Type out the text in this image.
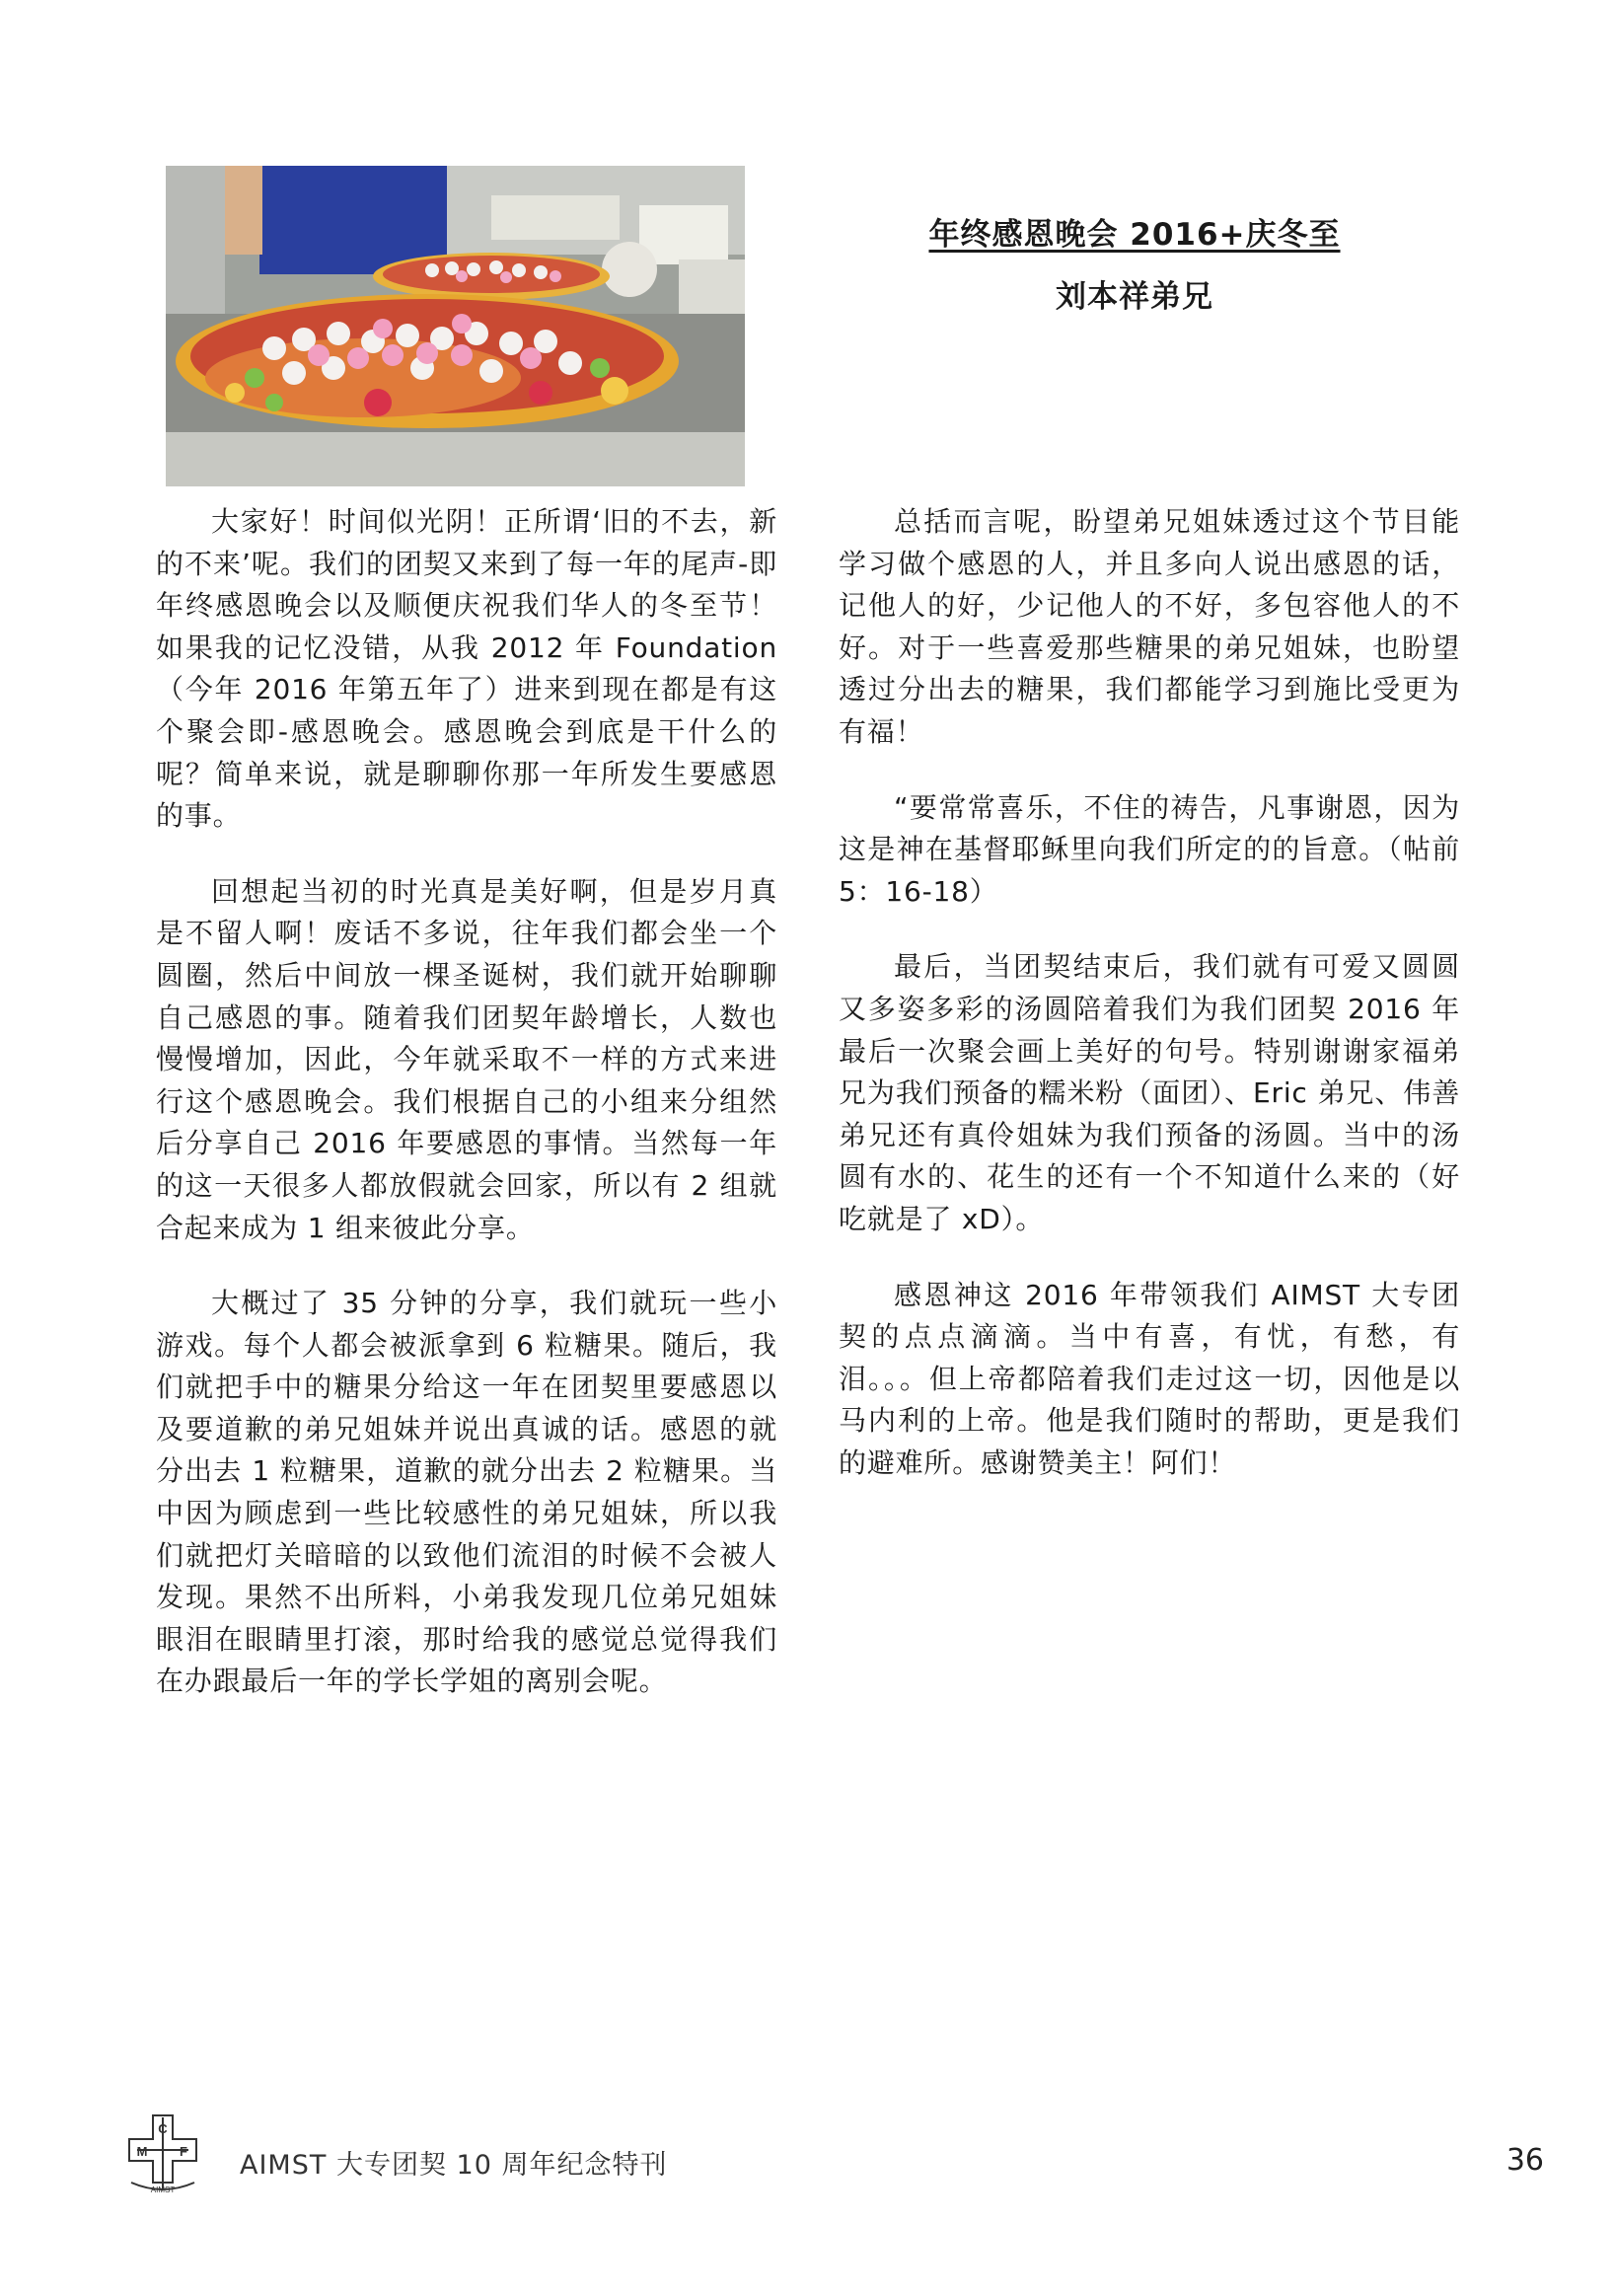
年终感恩晚会 2016+庆冬至
刘本祥弟兄

大家好！时间似光阴！正所谓‘旧的不去，新的不来’呢。我们的团契又来到了每一年的尾声-即年终感恩晚会以及顺便庆祝我们华人的冬至节！如果我的记忆没错，从我 2012 年 Foundation（今年 2016 年第五年了）进来到现在都是有这个聚会即-感恩晚会。感恩晚会到底是干什么的呢？简单来说，就是聊聊你那一年所发生要感恩的事。

回想起当初的时光真是美好啊，但是岁月真是不留人啊！废话不多说，往年我们都会坐一个圆圈，然后中间放一棵圣诞树，我们就开始聊聊自己感恩的事。随着我们团契年龄增长，人数也慢慢增加，因此，今年就采取不一样的方式来进行这个感恩晚会。我们根据自己的小组来分组然后分享自己 2016 年要感恩的事情。当然每一年的这一天很多人都放假就会回家，所以有 2 组就合起来成为 1 组来彼此分享。

大概过了 35 分钟的分享，我们就玩一些小游戏。每个人都会被派拿到 6 粒糖果。随后，我们就把手中的糖果分给这一年在团契里要感恩以及要道歉的弟兄姐妹并说出真诚的话。感恩的就分出去 1 粒糖果，道歉的就分出去 2 粒糖果。当中因为顾虑到一些比较感性的弟兄姐妹，所以我们就把灯关暗暗的以致他们流泪的时候不会被人发现。果然不出所料，小弟我发现几位弟兄姐妹眼泪在眼睛里打滚，那时给我的感觉总觉得我们在办跟最后一年的学长学姐的离别会呢。

总括而言呢，盼望弟兄姐妹透过这个节目能学习做个感恩的人，并且多向人说出感恩的话，记他人的好，少记他人的不好，多包容他人的不好。对于一些喜爱那些糖果的弟兄姐妹，也盼望透过分出去的糖果，我们都能学习到施比受更为有福！

“要常常喜乐，不住的祷告，凡事谢恩，因为这是神在基督耶稣里向我们所定的的旨意。（帖前 5：16-18）

最后，当团契结束后，我们就有可爱又圆圆又多姿多彩的汤圆陪着我们为我们团契 2016 年最后一次聚会画上美好的句号。特别谢谢家福弟兄为我们预备的糯米粉（面团）、Eric 弟兄、伟善弟兄还有真伶姐妹为我们预备的汤圆。当中的汤圆有水的、花生的还有一个不知道什么来的（好吃就是了 xD）。

感恩神这 2016 年带领我们 AIMST 大专团契的点点滴滴。当中有喜，有忧，有愁，有泪。。。但上帝都陪着我们走过这一切，因他是以马内利的上帝。他是我们随时的帮助，更是我们的避难所。感谢赞美主！阿们！

C
M	F
AIMST
AIMST 大专团契 10 周年纪念特刊	36
